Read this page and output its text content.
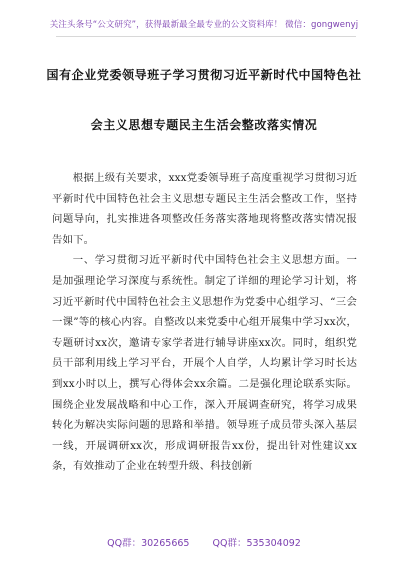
关注头条号“公文研究”，获得最新最全最专业的公文资料库！ 微信：gongwenyj
国有企业党委领导班子学习贯彻习近平新时代中国特色社
会主义思想专题民主生活会整改落实情况

根据上级有关要求，xxx党委领导班子高度重视学习贯彻习近平新时代中国特色社会主义思想专题民主生活会整改工作，坚持问题导向，扎实推进各项整改任务落实落地现将整改落实情况报告如下。

一、学习贯彻习近平新时代中国特色社会主义思想方面。一是加强理论学习深度与系统性。制定了详细的理论学习计划，将习近平新时代中国特色社会主义思想作为党委中心组学习、“三会一课”等的核心内容。自整改以来党委中心组开展集中学习xx次，专题研讨xx次，邀请专家学者进行辅导讲座xx次。同时，组织党员干部利用线上学习平台，开展个人自学，人均累计学习时长达到xx小时以上，撰写心得体会xx余篇。二是强化理论联系实际。围绕企业发展战略和中心工作，深入开展调查研究，将学习成果转化为解决实际问题的思路和举措。领导班子成员带头深入基层一线，开展调研xx次，形成调研报告xx份，提出针对性建议xx条，有效推动了企业在转型升级、科技创新

QQ群：30265665 QQ群：535304092
